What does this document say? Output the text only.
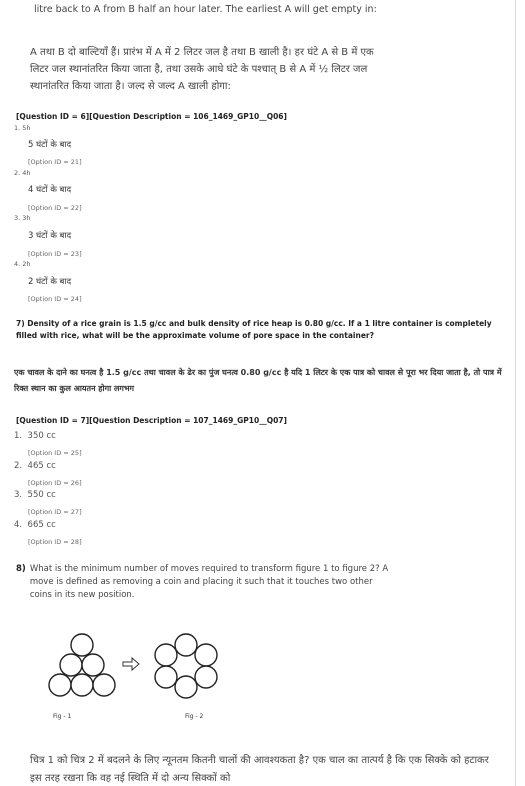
litre back to A from B half an hour later. The earliest A will get empty in:
A तथा B दो बाल्टियाँ हैं। प्रारंभ में A में 2 लिटर जल है तथा B खाली है। हर घंटे A से B में एक
लिटर जल स्थानांतरित किया जाता है, तथा उसके आधे घंटे के पश्चात् B से A में ½ लिटर जल
स्थानांतरित किया जाता है। जल्द से जल्द A खाली होगा:
[Question ID = 6][Question Description = 106_1469_GP10__Q06]
1. 5h
5 घंटों के बाद
[Option ID = 21]
2. 4h
4 घंटों के बाद
[Option ID = 22]
3. 3h
3 घंटों के बाद
[Option ID = 23]
4. 2h
2 घंटों के बाद
[Option ID = 24]
7) Density of a rice grain is 1.5 g/cc and bulk density of rice heap is 0.80 g/cc. If a 1 litre container is completely filled with rice, what will be the approximate volume of pore space in the container?
एक चावल के दाने का घनत्व है 1.5 g/cc तथा चावल के ढेर का पुंज घनत्व 0.80 g/cc है यदि 1 लिटर के एक पात्र को चावल से पूरा भर दिया जाता है, तो पात्र में रिक्त स्थान का कुल आयतन होगा लगभग
[Question ID = 7][Question Description = 107_1469_GP10__Q07]
1. 350 cc
[Option ID = 25]
2. 465 cc
[Option ID = 26]
3. 550 cc
[Option ID = 27]
4. 665 cc
[Option ID = 28]
8) What is the minimum number of moves required to transform figure 1 to figure 2? A move is defined as removing a coin and placing it such that it touches two other coins in its new position.
Fig - 1	Fig - 2
चित्र 1 को चित्र 2 में बदलने के लिए न्यूनतम कितनी चालों की आवश्यकता है? एक चाल का तात्पर्य है कि एक सिक्के को हटाकर इस तरह रखना कि वह नई स्थिति में दो अन्य सिक्कों को
